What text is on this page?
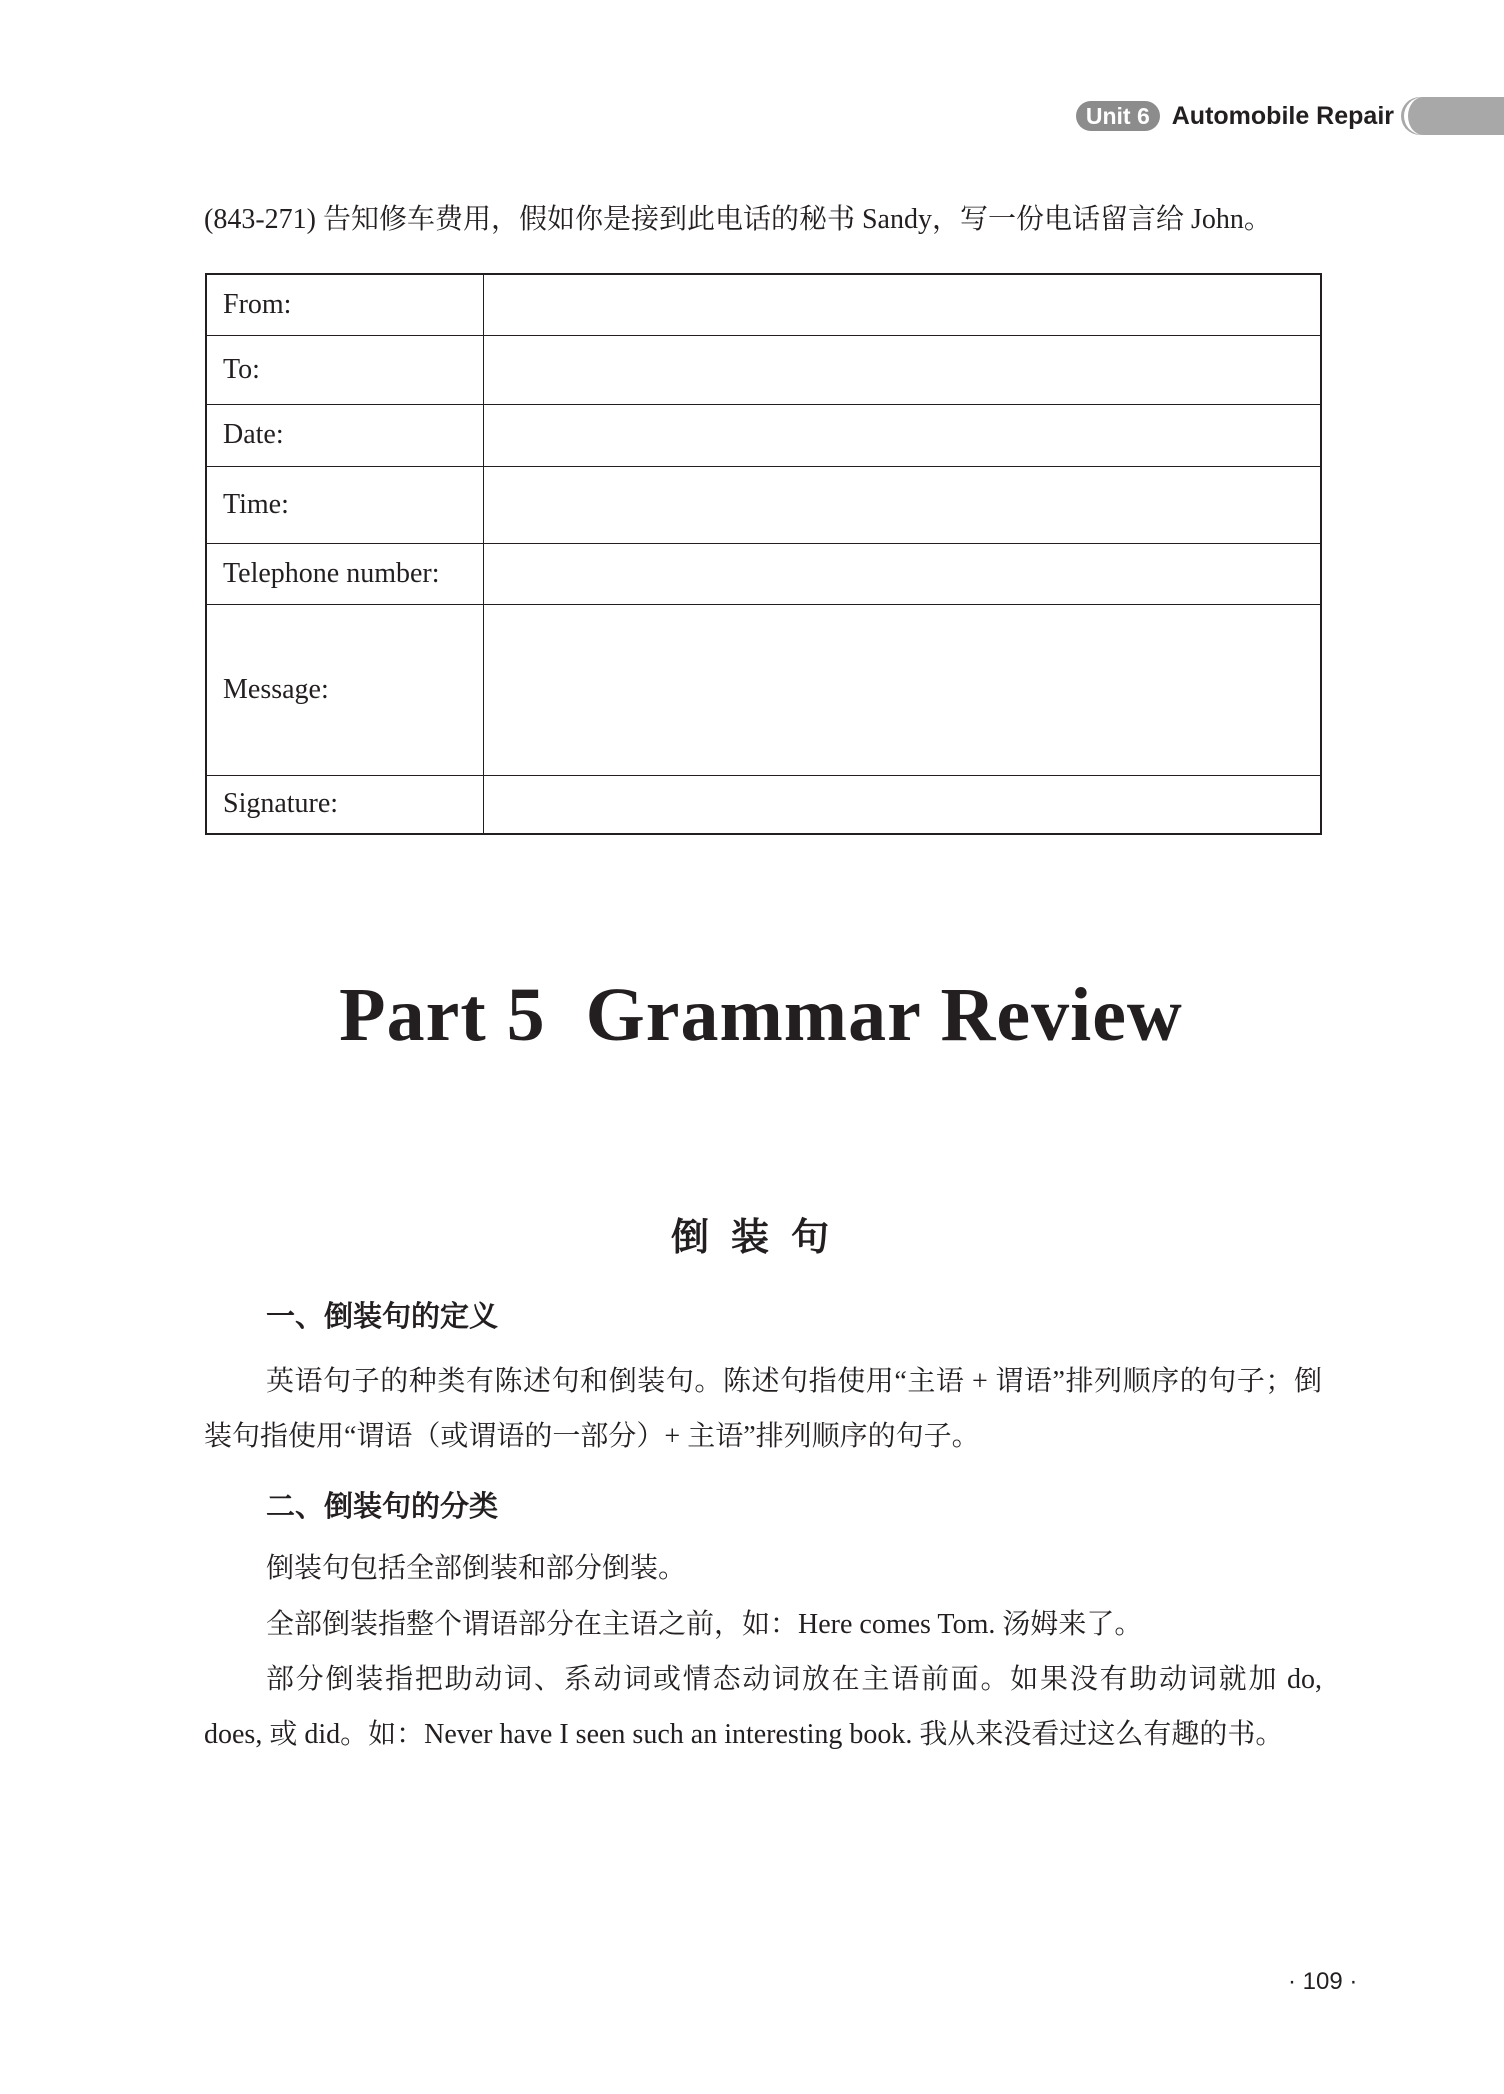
Unit 6 Automobile Repair
(843-271) 告知修车费用，假如你是接到此电话的秘书 Sandy，写一份电话留言给 John。
From:	
To:	
Date:	
Time:	
Telephone number:	
Message:	
Signature:	
Part 5  Grammar Review
倒装句
一、倒装句的定义

英语句子的种类有陈述句和倒装句。陈述句指使用“主语 + 谓语”排列顺序的句子；倒装句指使用“谓语（或谓语的一部分）+ 主语”排列顺序的句子。

二、倒装句的分类

倒装句包括全部倒装和部分倒装。

全部倒装指整个谓语部分在主语之前，如：Here comes Tom. 汤姆来了。

部分倒装指把助动词、系动词或情态动词放在主语前面。如果没有助动词就加 do, does, 或 did。如：Never have I seen such an interesting book. 我从来没看过这么有趣的书。

· 109 ·
